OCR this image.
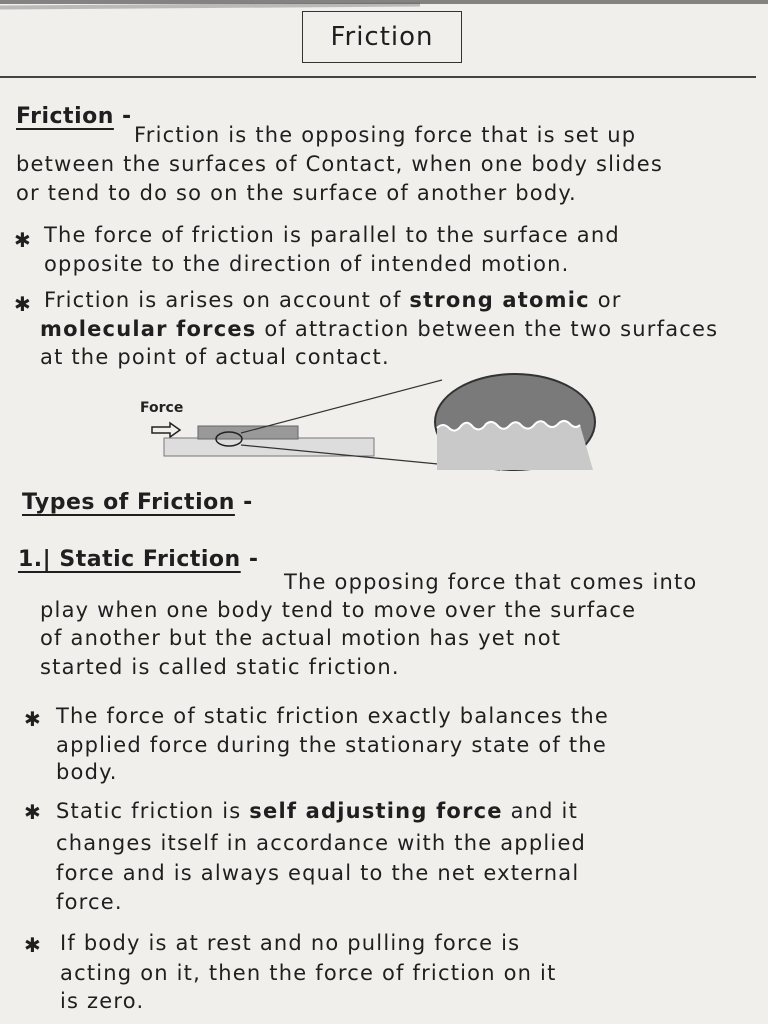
Friction
Friction -
Friction is the opposing force that is set up
between the surfaces of Contact, when one body slides
or tend to do so on the surface of another body.
✱ The force of friction is parallel to the surface and
opposite to the direction of intended motion.
✱ Friction is arises on account of strong atomic or
molecular forces of attraction between the two surfaces
at the point of actual contact.
Force
Types of Friction -
1.| Static Friction -
The opposing force that comes into
play when one body tend to move over the surface
of another but the actual motion has yet not
started is called static friction.
✱ The force of static friction exactly balances the
applied force during the stationary state of the
body.
✱ Static friction is self adjusting force and it
changes itself in accordance with the applied
force and is always equal to the net external
force.
✱ If body is at rest and no pulling force is
acting on it, then the force of friction on it
is zero.
